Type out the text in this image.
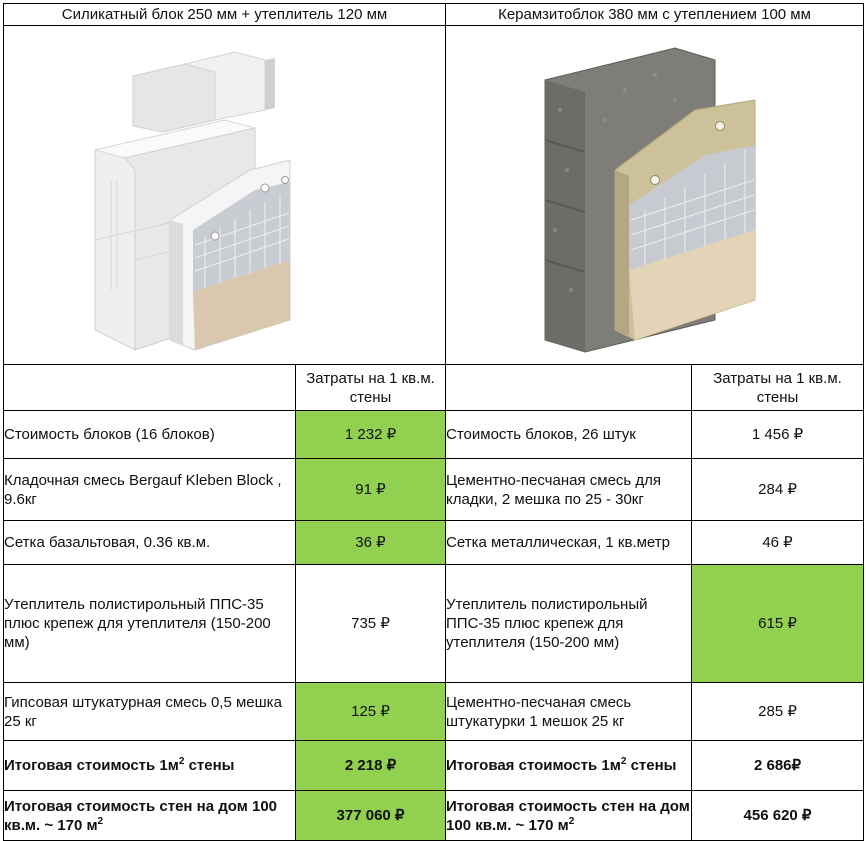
Силикатный блок 250 мм + утеплитель 120 мм		Керамзитоблок 380 мм с утеплением 100 мм	

	Затраты на 1 кв.м. стены		Затраты на 1 кв.м. стены
Стоимость блоков (16 блоков)	1 232 ₽	Стоимость блоков, 26 штук	1 456 ₽
Кладочная смесь Bergauf Kleben Block , 9.6кг	91 ₽	Цементно-песчаная смесь для кладки, 2 мешка по 25 - 30кг	284 ₽
Сетка базальтовая, 0.36 кв.м.	36 ₽	Сетка металлическая, 1 кв.метр	46 ₽
Утеплитель полистирольный ППС-35 плюс крепеж для утеплителя (150-200 мм)	735 ₽	Утеплитель полистирольный ППС-35 плюс крепеж для утеплителя (150-200 мм)	615 ₽
Гипсовая штукатурная смесь 0,5 мешка 25 кг	125 ₽	Цементно-песчаная смесь штукатурки 1 мешок 25 кг	285 ₽
Итоговая стоимость $1м^2$ стены	2 218 ₽	Итоговая стоимость $1м^2$ стены	2 686₽
Итоговая стоимость стен на дом 100 кв.м. ~ 170 $м^2$	377 060 ₽	Итоговая стоимость стен на дом 100 кв.м. ~ 170 $м^2$	456 620 ₽
